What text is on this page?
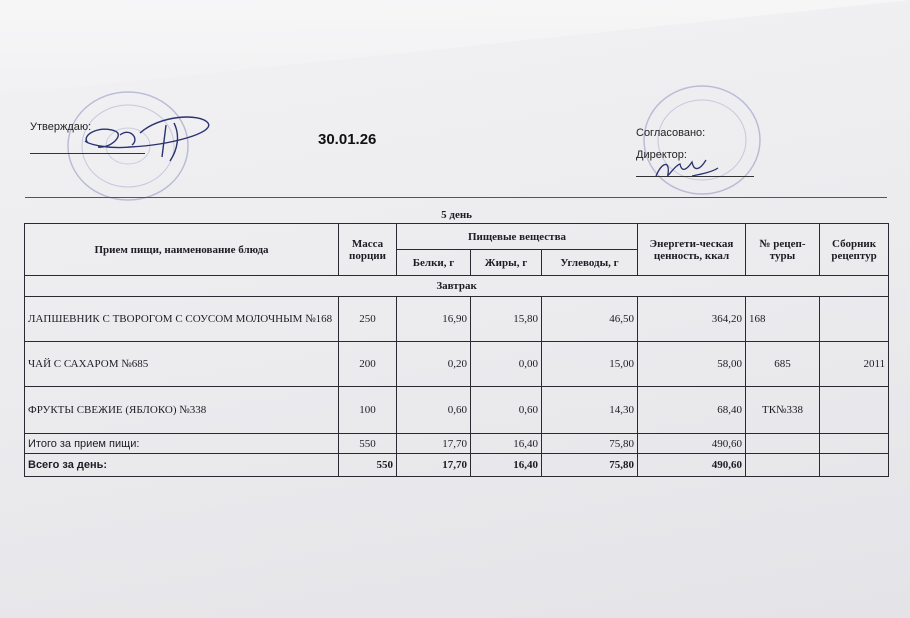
Утверждаю:
30.01.26	Согласовано:
Директор:
5 день							
Прием пищи, наименование блюда	Масса порции	Пищевые вещества			Энергети-ческая ценность, ккал	№ рецеп-туры	Сборник рецептур
		Белки, г	Жиры, г	Углеводы, г			
Завтрак							
ЛАПШЕВНИК С ТВОРОГОМ С СОУСОМ МОЛОЧНЫМ №168	250	16,90	15,80	46,50	364,20	168	
ЧАЙ С САХАРОМ №685	200	0,20	0,00	15,00	58,00	685	2011
ФРУКТЫ СВЕЖИЕ (ЯБЛОКО) №338	100	0,60	0,60	14,30	68,40	ТК№338	
Итого за прием пищи:	550	17,70	16,40	75,80	490,60		
Всего за день:	550	17,70	16,40	75,80	490,60		
